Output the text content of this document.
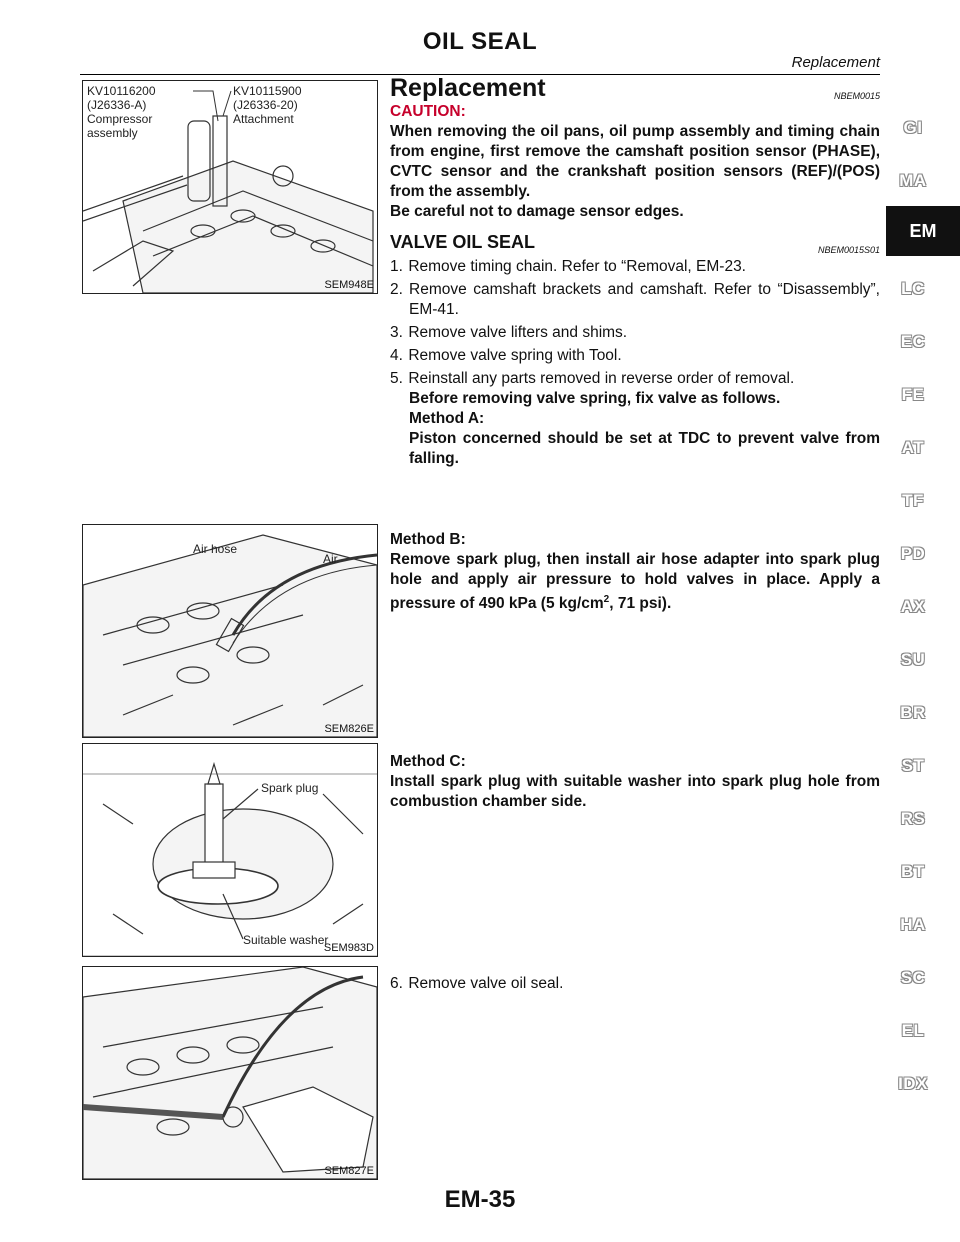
OIL SEAL
Replacement
KV10116200
(J26336-A)
Compressor
assembly
KV10115900
(J26336-20)
Attachment
SEM948E
Air hose
Air
SEM826E
Spark plug
Suitable washer
SEM983D
SEM827E
Replacement	NBEM0015
CAUTION:
When removing the oil pans, oil pump assembly and timing chain from engine, first remove the camshaft position sensor (PHASE), CVTC sensor and the crankshaft position sensors (REF)/(POS) from the assembly.
Be careful not to damage sensor edges.
VALVE OIL SEAL	NBEM0015S01
1. Remove timing chain. Refer to “Removal, EM-23.
2. Remove camshaft brackets and camshaft. Refer to “Disassembly”, EM-41.
3. Remove valve lifters and shims.
4. Remove valve spring with Tool.
5. Reinstall any parts removed in reverse order of removal.
Before removing valve spring, fix valve as follows.
Method A:
Piston concerned should be set at TDC to prevent valve from falling.
Method B:
Remove spark plug, then install air hose adapter into spark plug hole and apply air pressure to hold valves in place. Apply a pressure of 490 kPa (5 $kg/cm^2$, 71 psi).
Method C:
Install spark plug with suitable washer into spark plug hole from combustion chamber side.
6. Remove valve oil seal.
GI
MA
EM
LC
EC
FE
AT
TF
PD
AX
SU
BR
ST
RS
BT
HA
SC
EL
IDX
EM-35
